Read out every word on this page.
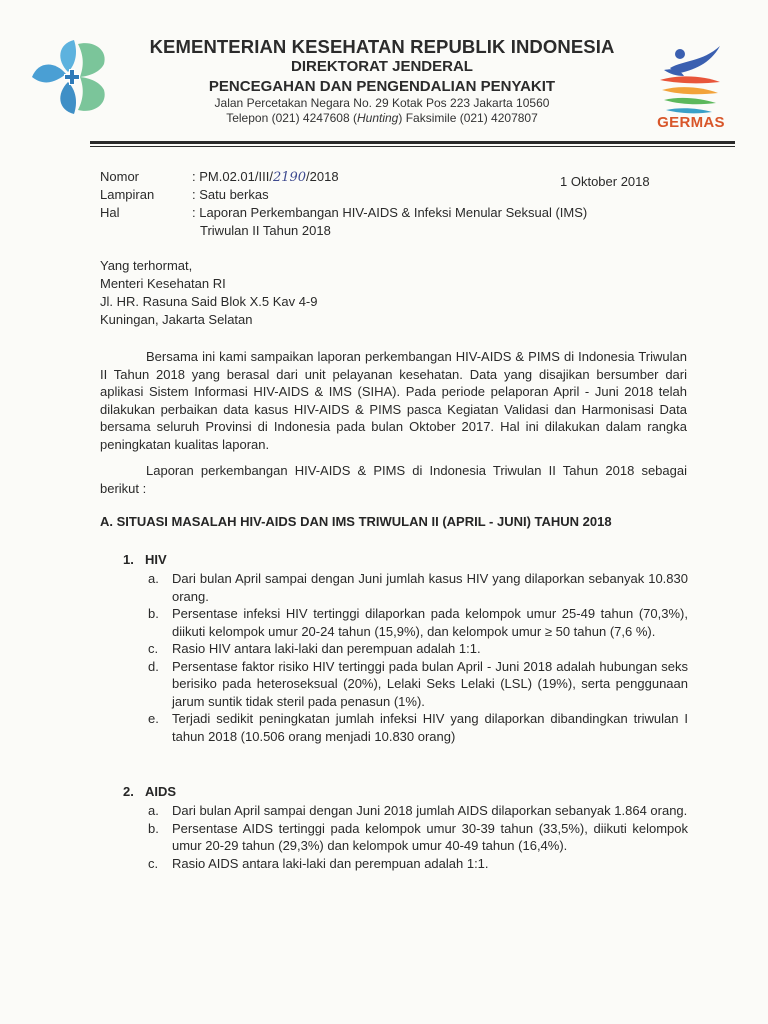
KEMENTERIAN KESEHATAN REPUBLIK INDONESIA
DIREKTORAT JENDERAL
PENCEGAHAN DAN PENGENDALIAN PENYAKIT
Jalan Percetakan Negara No. 29 Kotak Pos 223 Jakarta 10560
Telepon (021) 4247608 (Hunting) Faksimile (021) 4207807	GERMAS
Nomor	: PM.02.01/III/2190/2018
Lampiran	: Satu berkas
Hal	: Laporan Perkembangan HIV-AIDS & Infeksi Menular Seksual (IMS)
Triwulan II Tahun 2018
1 Oktober 2018
Yang terhormat,
Menteri Kesehatan RI
Jl. HR. Rasuna Said Blok X.5 Kav 4-9
Kuningan, Jakarta Selatan

Bersama ini kami sampaikan laporan perkembangan HIV-AIDS & PIMS di Indonesia Triwulan II Tahun 2018 yang berasal dari unit pelayanan kesehatan. Data yang disajikan bersumber dari aplikasi Sistem Informasi HIV-AIDS & IMS (SIHA). Pada periode pelaporan April - Juni 2018 telah dilakukan perbaikan data kasus HIV-AIDS & PIMS pasca Kegiatan Validasi dan Harmonisasi Data bersama seluruh Provinsi di Indonesia pada bulan Oktober 2017. Hal ini dilakukan dalam rangka peningkatan kualitas laporan.

Laporan perkembangan HIV-AIDS & PIMS di Indonesia Triwulan II Tahun 2018 sebagai berikut :

A. SITUASI MASALAH HIV-AIDS DAN IMS TRIWULAN II (APRIL - JUNI) TAHUN 2018
1. HIV
a. Dari bulan April sampai dengan Juni jumlah kasus HIV yang dilaporkan sebanyak 10.830 orang.
b. Persentase infeksi HIV tertinggi dilaporkan pada kelompok umur 25-49 tahun (70,3%), diikuti kelompok umur 20-24 tahun (15,9%), dan kelompok umur ≥ 50 tahun (7,6 %).
c. Rasio HIV antara laki-laki dan perempuan adalah 1:1.
d. Persentase faktor risiko HIV tertinggi pada bulan April - Juni 2018 adalah hubungan seks berisiko pada heteroseksual (20%), Lelaki Seks Lelaki (LSL) (19%), serta penggunaan jarum suntik tidak steril pada penasun (1%).
e. Terjadi sedikit peningkatan jumlah infeksi HIV yang dilaporkan dibandingkan triwulan I tahun 2018 (10.506 orang menjadi 10.830 orang)
2. AIDS
a. Dari bulan April sampai dengan Juni 2018 jumlah AIDS dilaporkan sebanyak 1.864 orang.
b. Persentase AIDS tertinggi pada kelompok umur 30-39 tahun (33,5%), diikuti kelompok umur 20-29 tahun (29,3%) dan kelompok umur 40-49 tahun (16,4%).
c. Rasio AIDS antara laki-laki dan perempuan adalah 1:1.
